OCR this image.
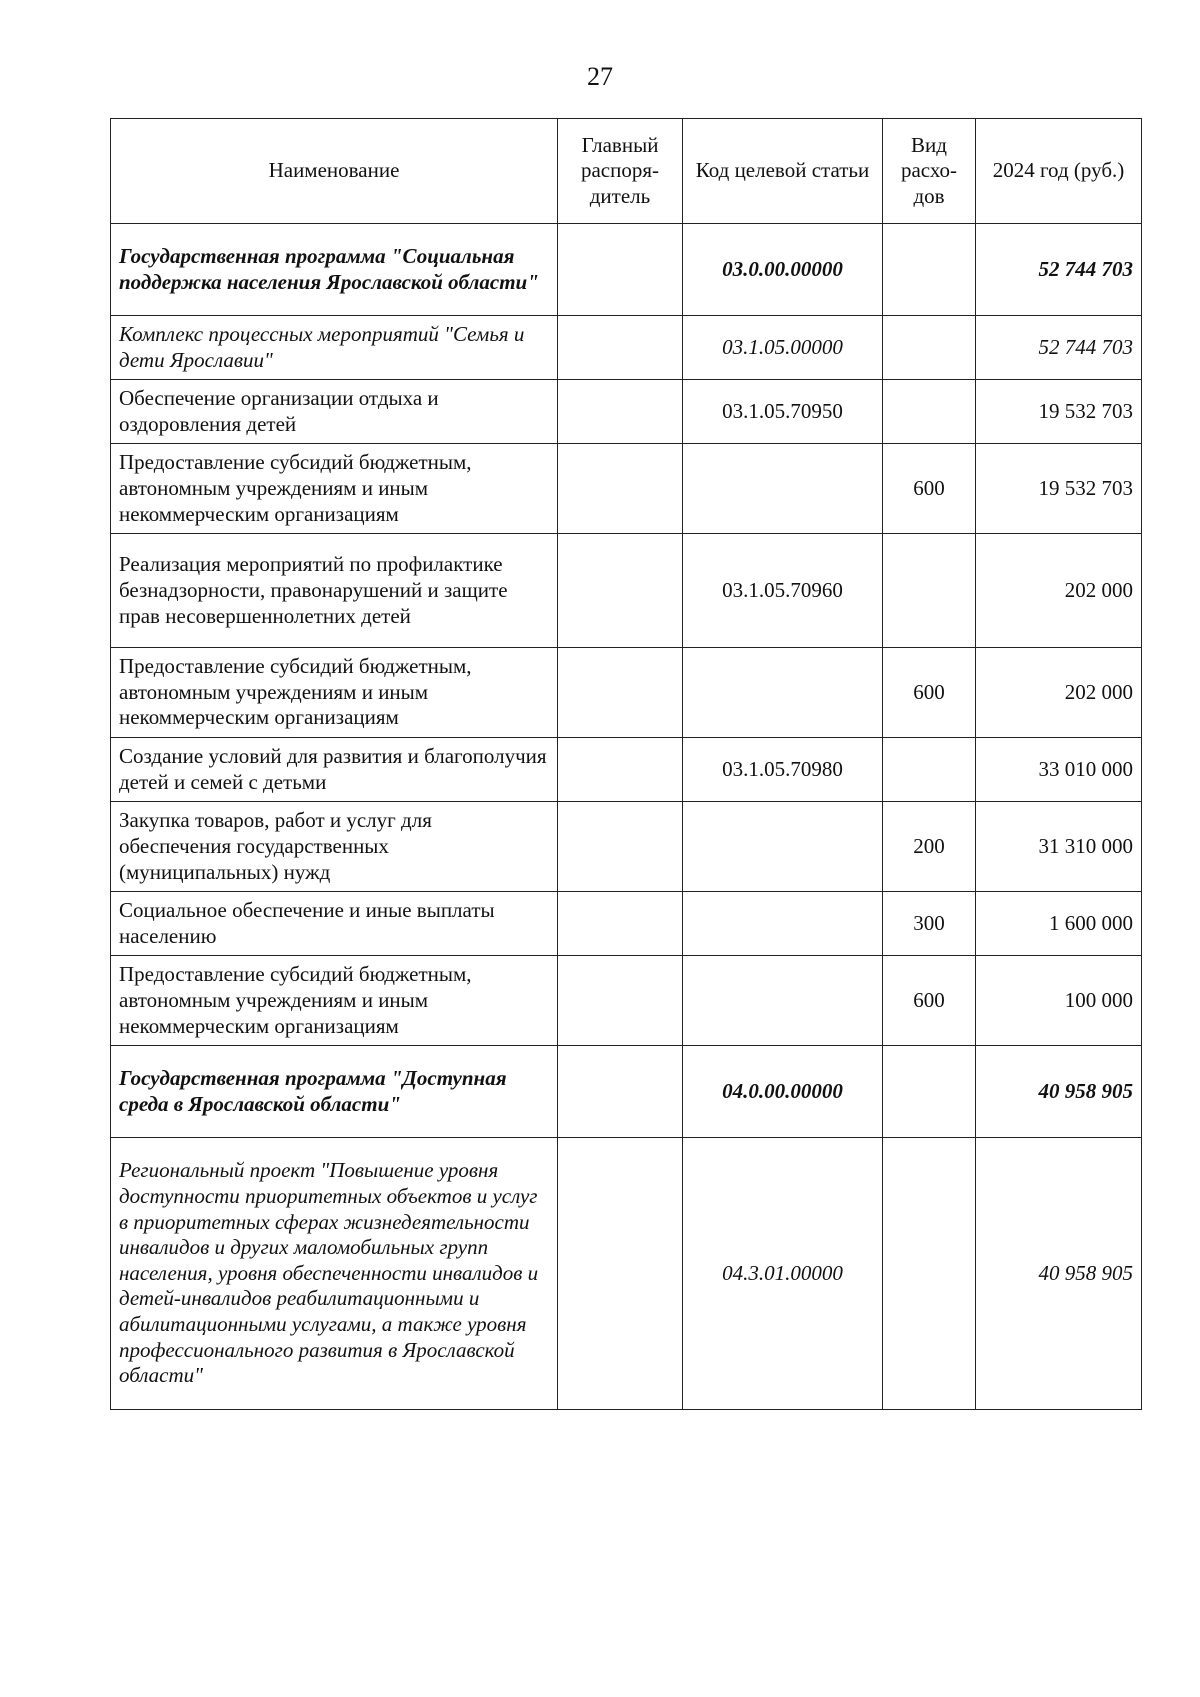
27
Наименование	Главный распоря-дитель	Код целевой статьи	Вид расхо-дов	2024 год (руб.)
Государственная программа "Социальная поддержка населения Ярославской области"		03.0.00.00000		52 744 703
Комплекс процессных мероприятий "Семья и дети Ярославии"		03.1.05.00000		52 744 703
Обеспечение организации отдыха и оздоровления детей		03.1.05.70950		19 532 703
Предоставление субсидий бюджетным, автономным учреждениям и иным некоммерческим организациям			600	19 532 703
Реализация мероприятий по профилактике безнадзорности, правонарушений и защите прав несовершеннолетних детей		03.1.05.70960		202 000
Предоставление субсидий бюджетным, автономным учреждениям и иным некоммерческим организациям			600	202 000
Создание условий для развития и благополучия детей и семей с детьми		03.1.05.70980		33 010 000
Закупка товаров, работ и услуг для обеспечения государственных (муниципальных) нужд			200	31 310 000
Социальное обеспечение и иные выплаты населению			300	1 600 000
Предоставление субсидий бюджетным, автономным учреждениям и иным некоммерческим организациям			600	100 000
Государственная программа "Доступная среда в Ярославской области"		04.0.00.00000		40 958 905
Региональный проект "Повышение уровня доступности приоритетных объектов и услуг в приоритетных сферах жизнедеятельности инвалидов и других маломобильных групп населения, уровня обеспеченности инвалидов и детей-инвалидов реабилитационными и абилитационными услугами, а также уровня профессионального развития в Ярославской области"		04.3.01.00000		40 958 905
